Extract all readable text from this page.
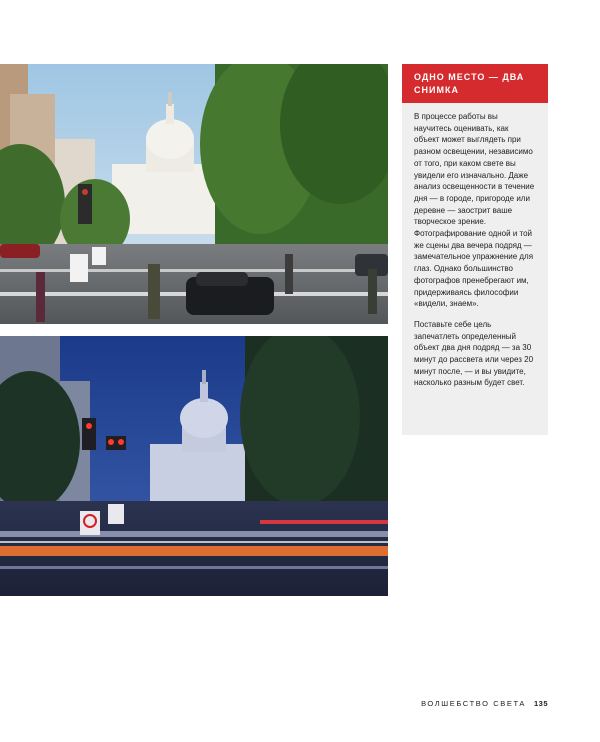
ОДНО МЕСТО — ДВА СНИМКА

В процессе работы вы научитесь оценивать, как объект может выглядеть при разном освещении, независимо от того, при каком свете вы увидели его изначально. Даже анализ освещенности в течение дня — в городе, пригороде или деревне — заострит ваше творческое зрение. Фотографирование одной и той же сцены два вечера подряд — замечательное упражнение для глаз. Однако большинство фотографов пренебрегают им, придерживаясь философии «видели, знаем».

Поставьте себе цель запечатлеть определенный объект два дня подряд — за 30 минут до рассвета или через 20 минут после, — и вы увидите, насколько разным будет свет.

ВОЛШЕБСТВО СВЕТА 135
